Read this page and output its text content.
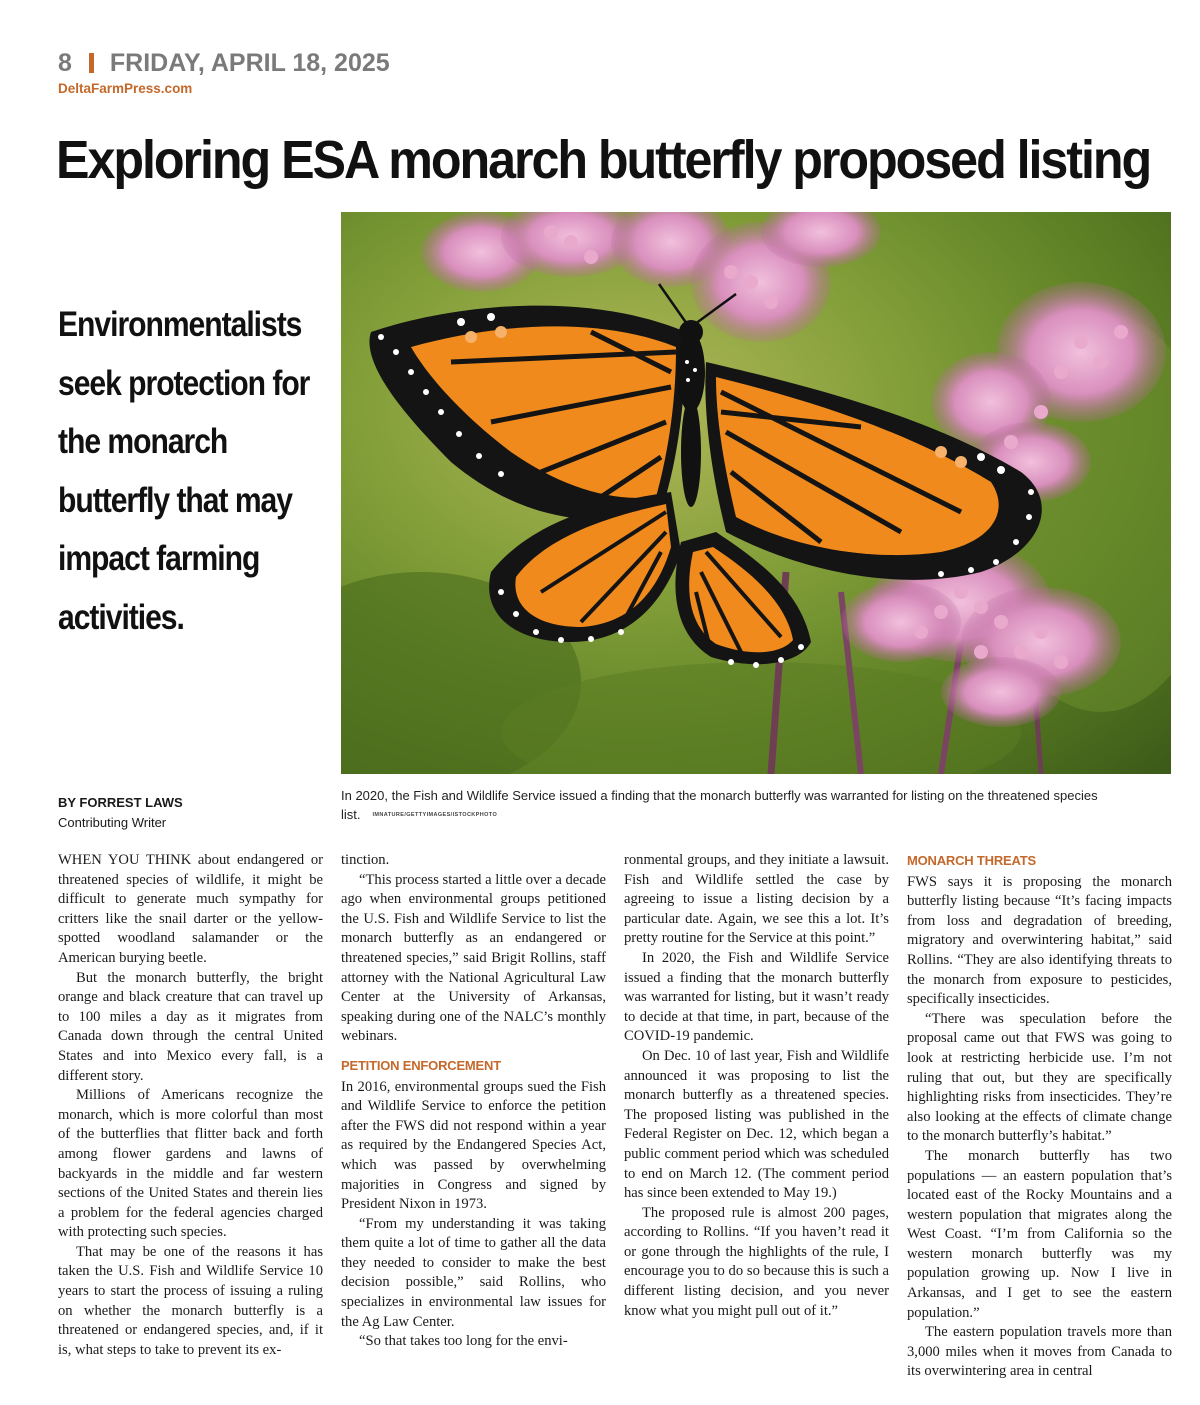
8 FRIDAY, APRIL 18, 2025
DeltaFarmPress.com
Exploring ESA monarch butterfly proposed listing

Environmentalists seek protection for the monarch butterfly that may impact farming activities.

In 2020, the Fish and Wildlife Service issued a finding that the monarch butterfly was warranted for listing on the threatened species list. IMNATURE/GETTYIMAGES/ISTOCKPHOTO
BY FORREST LAWS
Contributing Writer

WHEN YOU THINK about endangered or threatened species of wildlife, it might be difficult to generate much sympathy for critters like the snail darter or the yellow-spotted woodland salamander or the American burying beetle.

But the monarch butterfly, the bright orange and black creature that can travel up to 100 miles a day as it migrates from Canada down through the central United States and into Mexico every fall, is a different story.

Millions of Americans recognize the monarch, which is more colorful than most of the butterflies that flitter back and forth among flower gardens and lawns of backyards in the middle and far western sections of the United States and therein lies a problem for the federal agencies charged with protecting such species.

That may be one of the reasons it has taken the U.S. Fish and Wildlife Service 10 years to start the process of issuing a ruling on whether the monarch butterfly is a threatened or endangered species, and, if it is, what steps to take to prevent its ex-

tinction.

“This process started a little over a decade ago when environmental groups petitioned the U.S. Fish and Wildlife Service to list the monarch butterfly as an endangered or threatened species,” said Brigit Rollins, staff attorney with the National Agricultural Law Center at the University of Arkansas, speaking during one of the NALC’s monthly webinars.

PETITION ENFORCEMENT

In 2016, environmental groups sued the Fish and Wildlife Service to enforce the petition after the FWS did not respond within a year as required by the Endangered Species Act, which was passed by overwhelming majorities in Congress and signed by President Nixon in 1973.

“From my understanding it was taking them quite a lot of time to gather all the data they needed to consider to make the best decision possible,” said Rollins, who specializes in environmental law issues for the Ag Law Center.

“So that takes too long for the envi-

ronmental groups, and they initiate a lawsuit. Fish and Wildlife settled the case by agreeing to issue a listing decision by a particular date. Again, we see this a lot. It’s pretty routine for the Service at this point.”

In 2020, the Fish and Wildlife Service issued a finding that the monarch butterfly was warranted for listing, but it wasn’t ready to decide at that time, in part, because of the COVID-19 pandemic.

On Dec. 10 of last year, Fish and Wildlife announced it was proposing to list the monarch butterfly as a threatened species. The proposed listing was published in the Federal Register on Dec. 12, which began a public comment period which was scheduled to end on March 12. (The comment period has since been extended to May 19.)

The proposed rule is almost 200 pages, according to Rollins. “If you haven’t read it or gone through the highlights of the rule, I encourage you to do so because this is such a different listing decision, and you never know what you might pull out of it.”

MONARCH THREATS

FWS says it is proposing the monarch butterfly listing because “It’s facing impacts from loss and degradation of breeding, migratory and overwintering habitat,” said Rollins. “They are also identifying threats to the monarch from exposure to pesticides, specifically insecticides.

“There was speculation before the proposal came out that FWS was going to look at restricting herbicide use. I’m not ruling that out, but they are specifically highlighting risks from insecticides. They’re also looking at the effects of climate change to the monarch butterfly’s habitat.”

The monarch butterfly has two populations — an eastern population that’s located east of the Rocky Mountains and a western population that migrates along the West Coast. “I’m from California so the western monarch butterfly was my population growing up. Now I live in Arkansas, and I get to see the eastern population.”

The eastern population travels more than 3,000 miles when it moves from Canada to its overwintering area in central
